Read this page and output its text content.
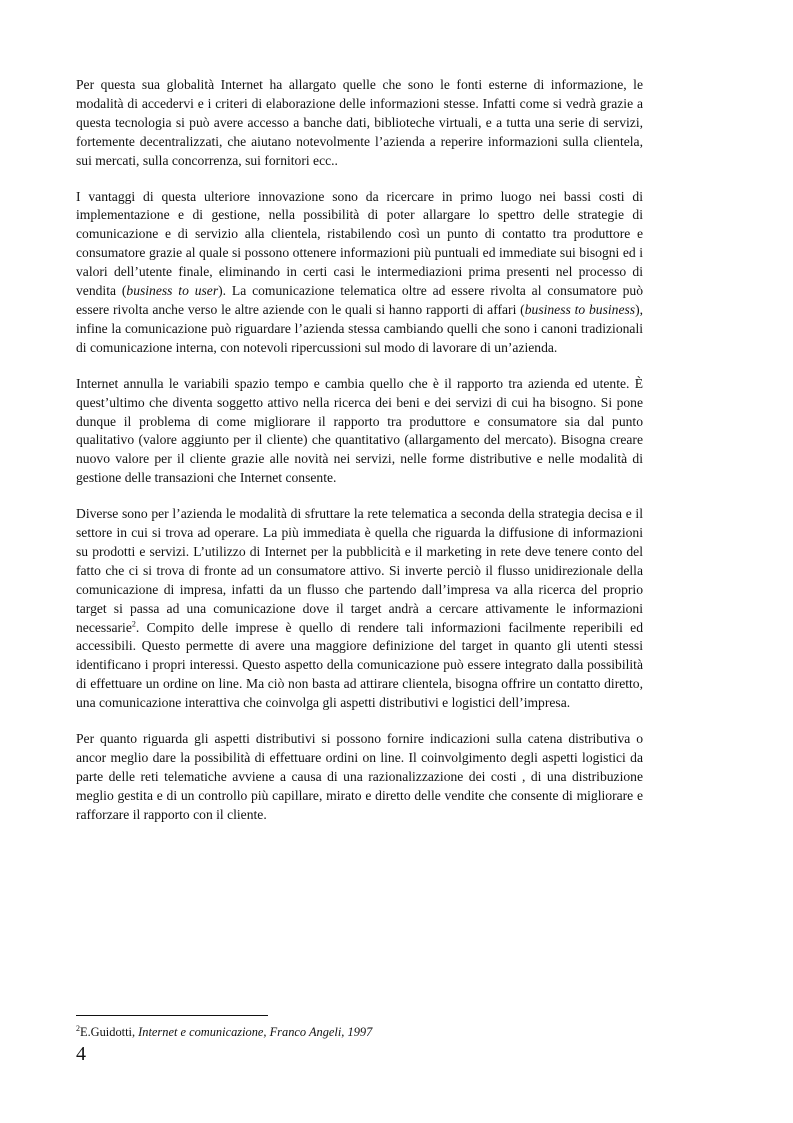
Per questa sua globalità Internet ha allargato quelle che sono le fonti esterne di informazione, le modalità di accedervi e i criteri di elaborazione delle informazioni stesse. Infatti come si vedrà grazie a questa tecnologia si può avere accesso a banche dati, biblioteche virtuali, e a tutta una serie di servizi, fortemente decentralizzati, che aiutano notevolmente l’azienda a reperire informazioni sulla clientela, sui mercati, sulla concorrenza, sui fornitori ecc..

I vantaggi di questa ulteriore innovazione sono da ricercare in primo luogo nei bassi costi di implementazione e di gestione, nella possibilità di poter allargare lo spettro delle strategie di comunicazione e di servizio alla clientela, ristabilendo così un punto di contatto tra produttore e consumatore grazie al quale si possono ottenere informazioni più puntuali ed immediate sui bisogni ed i valori dell’utente finale, eliminando in certi casi le intermediazioni prima presenti nel processo di vendita (business to user). La comunicazione telematica oltre ad essere rivolta al consumatore può essere rivolta anche verso le altre aziende con le quali si hanno rapporti di affari (business to business), infine la comunicazione può riguardare l’azienda stessa cambiando quelli che sono i canoni tradizionali di comunicazione interna, con notevoli ripercussioni sul modo di lavorare di un’azienda.

Internet annulla le variabili spazio tempo e cambia quello che è il rapporto tra azienda ed utente. È quest’ultimo che diventa soggetto attivo nella ricerca dei beni e dei servizi di cui ha bisogno. Si pone dunque il problema di come migliorare il rapporto tra produttore e consumatore sia dal punto qualitativo (valore aggiunto per il cliente) che quantitativo (allargamento del mercato). Bisogna creare nuovo valore per il cliente grazie alle novità nei servizi, nelle forme distributive e nelle modalità di gestione delle transazioni che Internet consente.

Diverse sono per l’azienda le modalità di sfruttare la rete telematica a seconda della strategia decisa e il settore in cui si trova ad operare. La più immediata è quella che riguarda la diffusione di informazioni su prodotti e servizi. L’utilizzo di Internet per la pubblicità e il marketing in rete deve tenere conto del fatto che ci si trova di fronte ad un consumatore attivo. Si inverte perciò il flusso unidirezionale della comunicazione di impresa, infatti da un flusso che partendo dall’impresa va alla ricerca del proprio target si passa ad una comunicazione dove il target andrà a cercare attivamente le informazioni necessarie$^2$. Compito delle imprese è quello di rendere tali informazioni facilmente reperibili ed accessibili. Questo permette di avere una maggiore definizione del target in quanto gli utenti stessi identificano i propri interessi. Questo aspetto della comunicazione può essere integrato dalla possibilità di effettuare un ordine on line. Ma ciò non basta ad attirare clientela, bisogna offrire un contatto diretto, una comunicazione interattiva che coinvolga gli aspetti distributivi e logistici dell’impresa.

Per quanto riguarda gli aspetti distributivi si possono fornire indicazioni sulla catena distributiva o ancor meglio dare la possibilità di effettuare ordini on line. Il coinvolgimento degli aspetti logistici da parte delle reti telematiche avviene a causa di una razionalizzazione dei costi , di una distribuzione meglio gestita e di un controllo più capillare, mirato e diretto delle vendite che consente di migliorare e rafforzare il rapporto con il cliente.

$^2$E.Guidotti, Internet e comunicazione, Franco Angeli, 1997
4
